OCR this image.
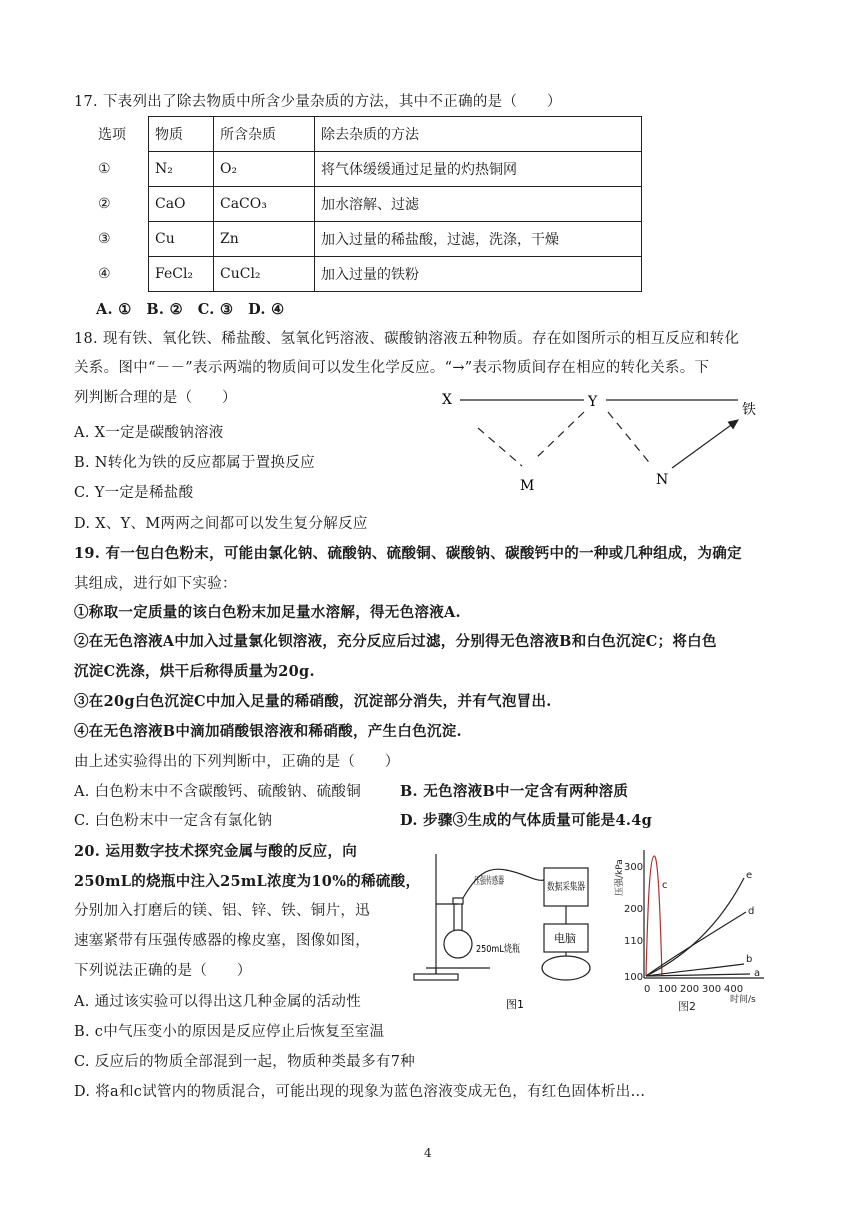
17. 下表列出了除去物质中所含少量杂质的方法，其中不正确的是（　　）
选项	物质	所含杂质	除去杂质的方法
①	N₂	O₂	将气体缓缓通过足量的灼热铜网
②	CaO	CaCO₃	加水溶解、过滤
③	Cu	Zn	加入过量的稀盐酸，过滤，洗涤，干燥
④	FeCl₂	CuCl₂	加入过量的铁粉
A. ①　B. ②　C. ③　D. ④
18. 现有铁、氧化铁、稀盐酸、氢氧化钙溶液、碳酸钠溶液五种物质。存在如图所示的相互反应和转化
关系。图中“－－”表示两端的物质间可以发生化学反应。“→”表示物质间存在相应的转化关系。下
列判断合理的是（　　）
A. X一定是碳酸钠溶液
B. N转化为铁的反应都属于置换反应
C. Y一定是稀盐酸
D. X、Y、M两两之间都可以发生复分解反应
X	Y	铁
M	N
19. 有一包白色粉末，可能由氯化钠、硫酸钠、硫酸铜、碳酸钠、碳酸钙中的一种或几种组成，为确定
其组成，进行如下实验：
①称取一定质量的该白色粉末加足量水溶解，得无色溶液A.
②在无色溶液A中加入过量氯化钡溶液，充分反应后过滤，分别得无色溶液B和白色沉淀C；将白色
沉淀C洗涤，烘干后称得质量为20g.
③在20g白色沉淀C中加入足量的稀硝酸，沉淀部分消失，并有气泡冒出.
④在无色溶液B中滴加硝酸银溶液和稀硝酸，产生白色沉淀.
由上述实验得出的下列判断中，正确的是（　　）
A. 白色粉末中不含碳酸钙、硫酸钠、硫酸铜	B. 无色溶液B中一定含有两种溶质
C. 白色粉末中一定含有氯化钠	D. 步骤③生成的气体质量可能是4.4g
20. 运用数字技术探究金属与酸的反应，向
250mL的烧瓶中注入25mL浓度为10%的稀硫酸，
分别加入打磨后的镁、铝、锌、铁、铜片，迅
速塞紧带有压强传感器的橡皮塞，图像如图，
下列说法正确的是（　　）
A. 通过该实验可以得出这几种金属的活动性
B. c中气压变小的原因是反应停止后恢复至室温
C. 反应后的物质全部混到一起，物质种类最多有7种
D. 将a和c试管内的物质混合，可能出现的现象为蓝色溶液变成无色，有红色固体析出...
压强传感器
数据采集器
电脑
250mL烧瓶
图1
压强/kPa 300
200
110
100
0 100 200 300 400
时间/s
图2
c
e
d
b
a
4
